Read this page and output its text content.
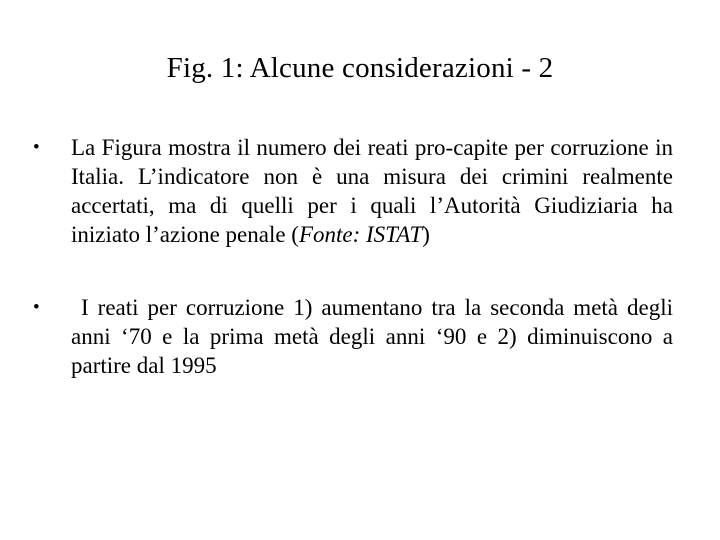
Fig. 1: Alcune considerazioni - 2
•	La Figura mostra il numero dei reati pro-capite per corruzione in Italia. L’indicatore non è una misura dei crimini realmente accertati, ma di quelli per i quali l’Autorità Giudiziaria ha iniziato l’azione penale (Fonte: ISTAT)
•	I reati per corruzione 1) aumentano tra la seconda metà degli anni ‘70 e la prima metà degli anni ‘90 e 2) diminuiscono a partire dal 1995
